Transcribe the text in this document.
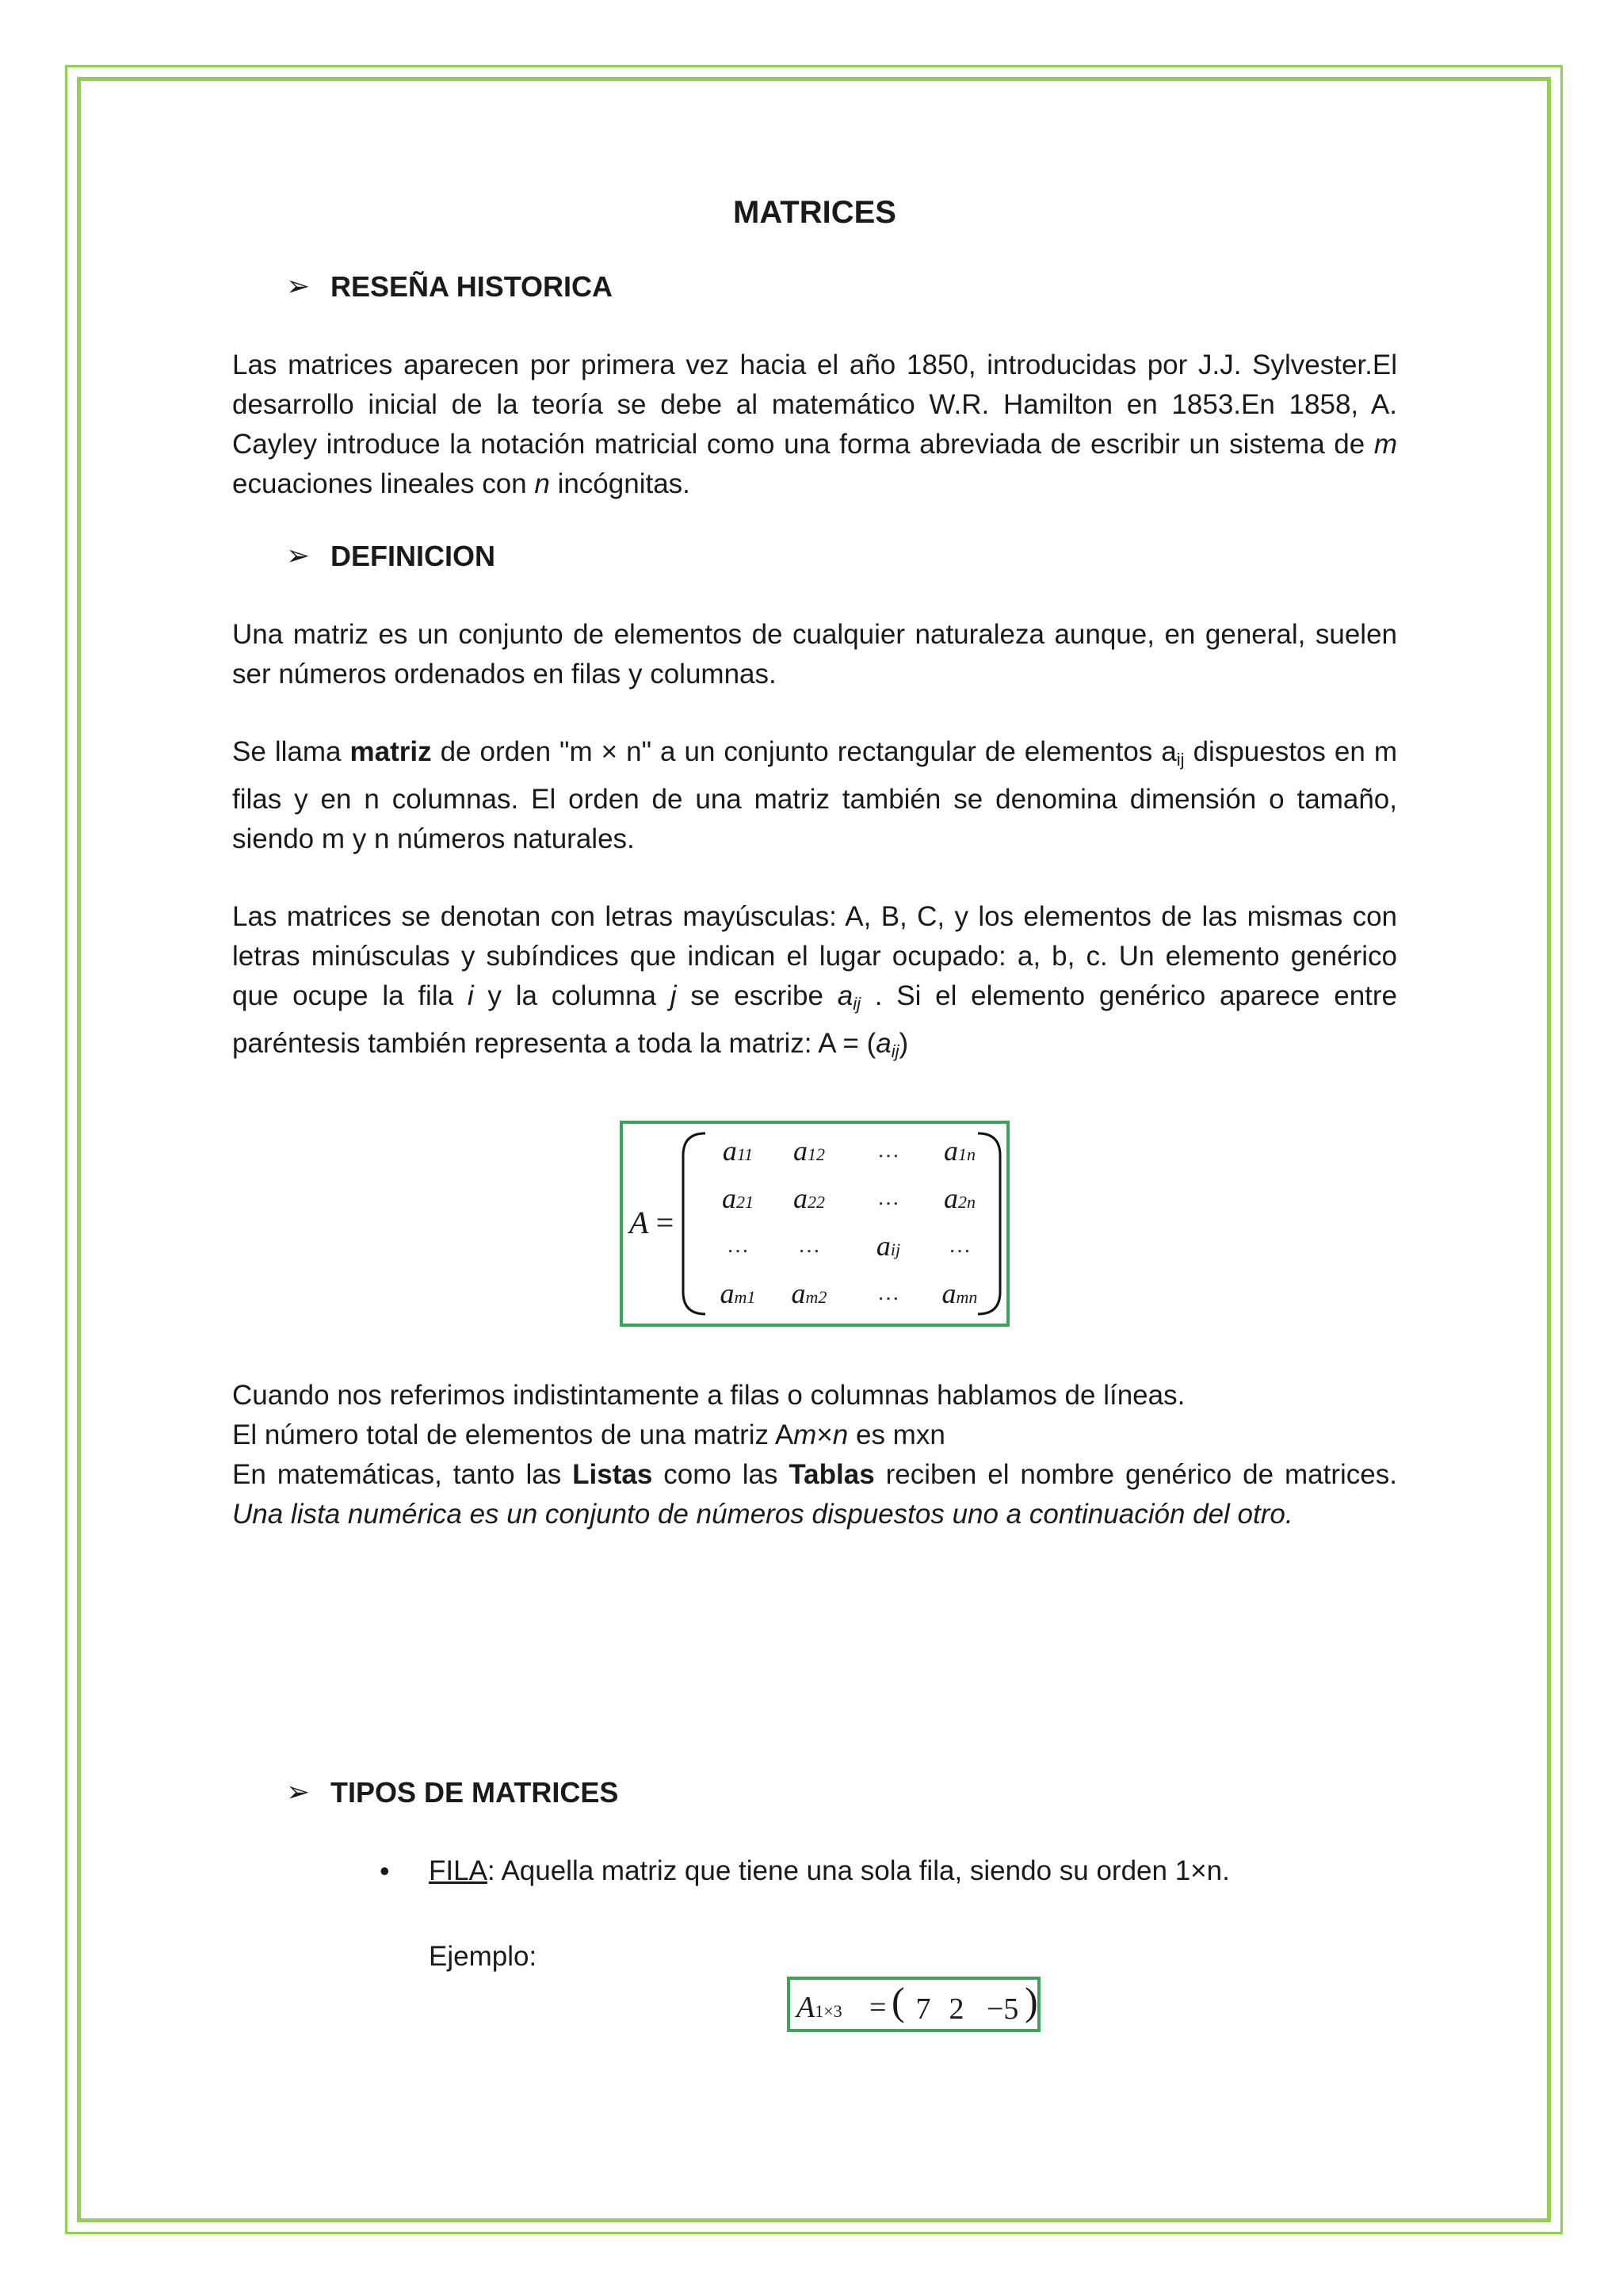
MATRICES
➢ RESEÑA HISTORICA

Las matrices aparecen por primera vez hacia el año 1850, introducidas por J.J. Sylvester.El desarrollo inicial de la teoría se debe al matemático W.R. Hamilton en 1853.En 1858, A. Cayley introduce la notación matricial como una forma abreviada de escribir un sistema de m ecuaciones lineales con n incógnitas.

➢ DEFINICION

Una matriz es un conjunto de elementos de cualquier naturaleza aunque, en general, suelen ser números ordenados en filas y columnas.

Se llama matriz de orden "m × n" a un conjunto rectangular de elementos $a_{ij}$ dispuestos en m filas y en n columnas. El orden de una matriz también se denomina dimensión o tamaño, siendo m y n números naturales.

Las matrices se denotan con letras mayúsculas: A, B, C, y los elementos de las mismas con letras minúsculas y subíndices que indican el lugar ocupado: a, b, c. Un elemento genérico que ocupe la fila i y la columna j se escribe $a_{ij}$ . Si el elemento genérico aparece entre paréntesis también representa a toda la matriz: $A = (a_{ij})$

A =
a11	a12	…	a1n
a21	a22	…	a2n
…	…	aij	…
am1	am2	…	amn

Cuando nos referimos indistintamente a filas o columnas hablamos de líneas.
El número total de elementos de una matriz Am×n es mxn
En matemáticas, tanto las Listas como las Tablas reciben el nombre genérico de matrices. Una lista numérica es un conjunto de números dispuestos uno a continuación del otro.

➢ TIPOS DE MATRICES
• FILA: Aquella matriz que tiene una sola fila, siendo su orden 1×n.
Ejemplo:
A1×3 = ( 7 2 −5 )
